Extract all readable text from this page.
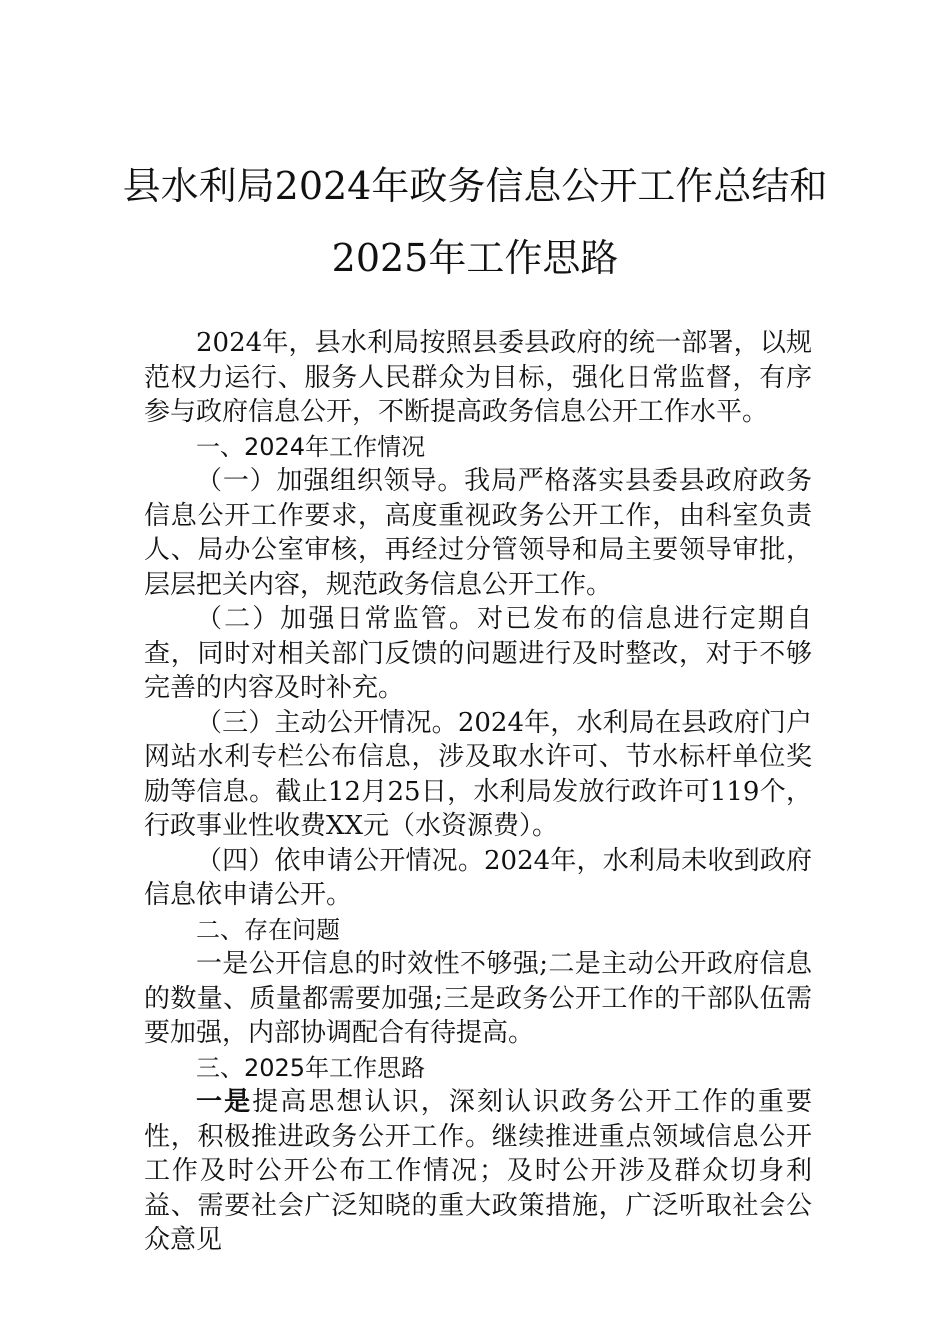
县水利局2024年政务信息公开工作总结和
2025年工作思路

2024年，县水利局按照县委县政府的统一部署，以规范权力运行、服务人民群众为目标，强化日常监督，有序参与政府信息公开，不断提高政务信息公开工作水平。

一、2024年工作情况

（一）加强组织领导。我局严格落实县委县政府政务信息公开工作要求，高度重视政务公开工作，由科室负责人、局办公室审核，再经过分管领导和局主要领导审批，层层把关内容，规范政务信息公开工作。

（二）加强日常监管。对已发布的信息进行定期自查，同时对相关部门反馈的问题进行及时整改，对于不够完善的内容及时补充。

（三）主动公开情况。2024年，水利局在县政府门户网站水利专栏公布信息，涉及取水许可、节水标杆单位奖励等信息。截止12月25日，水利局发放行政许可119个，行政事业性收费XX元（水资源费）。

（四）依申请公开情况。2024年，水利局未收到政府信息依申请公开。

二、存在问题

一是公开信息的时效性不够强;二是主动公开政府信息的数量、质量都需要加强;三是政务公开工作的干部队伍需要加强，内部协调配合有待提高。

三、2025年工作思路

一是提高思想认识，深刻认识政务公开工作的重要性，积极推进政务公开工作。继续推进重点领域信息公开工作及时公开公布工作情况；及时公开涉及群众切身利益、需要社会广泛知晓的重大政策措施，广泛听取社会公众意见
